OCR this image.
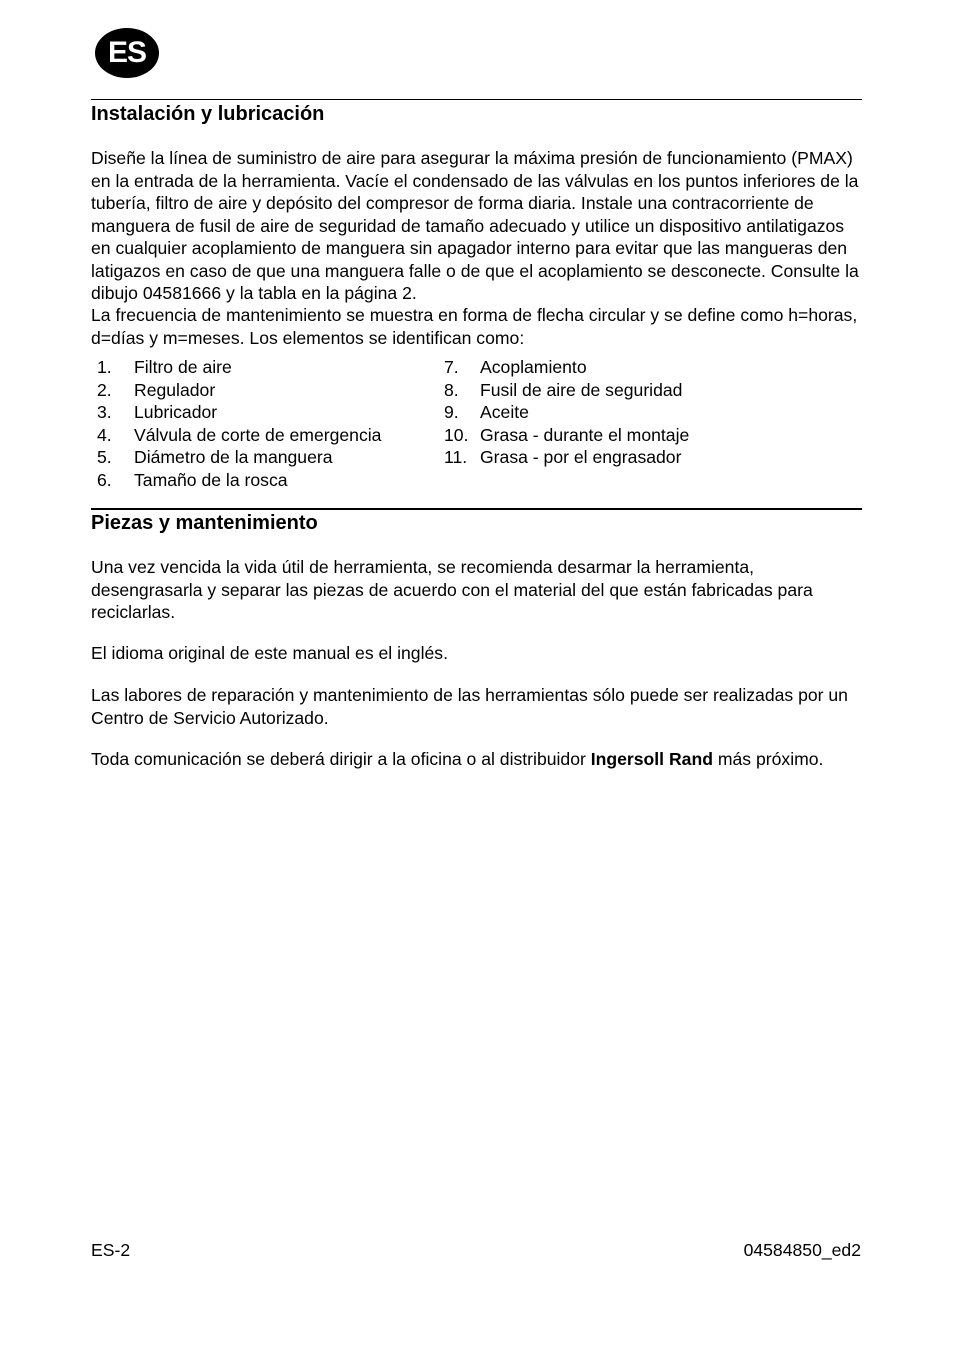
ES
Instalación y lubricación

Diseñe la línea de suministro de aire para asegurar la máxima presión de funcionamiento (PMAX) en la entrada de la herramienta. Vacíe el condensado de las válvulas en los puntos inferiores de la tubería, filtro de aire y depósito del compresor de forma diaria. Instale una contracorriente de manguera de fusil de aire de seguridad de tamaño adecuado y utilice un dispositivo antilatigazos en cualquier acoplamiento de manguera sin apagador interno para evitar que las mangueras den latigazos en caso de que una manguera falle o de que el acoplamiento se desconecte. Consulte la dibujo 04581666 y la tabla en la página 2.

La frecuencia de mantenimiento se muestra en forma de flecha circular y se define como h=horas, d=días y m=meses. Los elementos se identifican como:

1.	Filtro de aire
2.	Regulador
3.	Lubricador
4.	Válvula de corte de emergencia
5.	Diámetro de la manguera
6.	Tamaño de la rosca
7.	Acoplamiento
8.	Fusil de aire de seguridad
9.	Aceite
10. Grasa - durante el montaje
11. Grasa - por el engrasador
Piezas y mantenimiento

Una vez vencida la vida útil de herramienta, se recomienda desarmar la herramienta, desengrasarla y separar las piezas de acuerdo con el material del que están fabricadas para reciclarlas.

El idioma original de este manual es el inglés.

Las labores de reparación y mantenimiento de las herramientas sólo puede ser realizadas por un Centro de Servicio Autorizado.

Toda comunicación se deberá dirigir a la oficina o al distribuidor Ingersoll Rand más próximo.

ES-2	04584850_ed2
